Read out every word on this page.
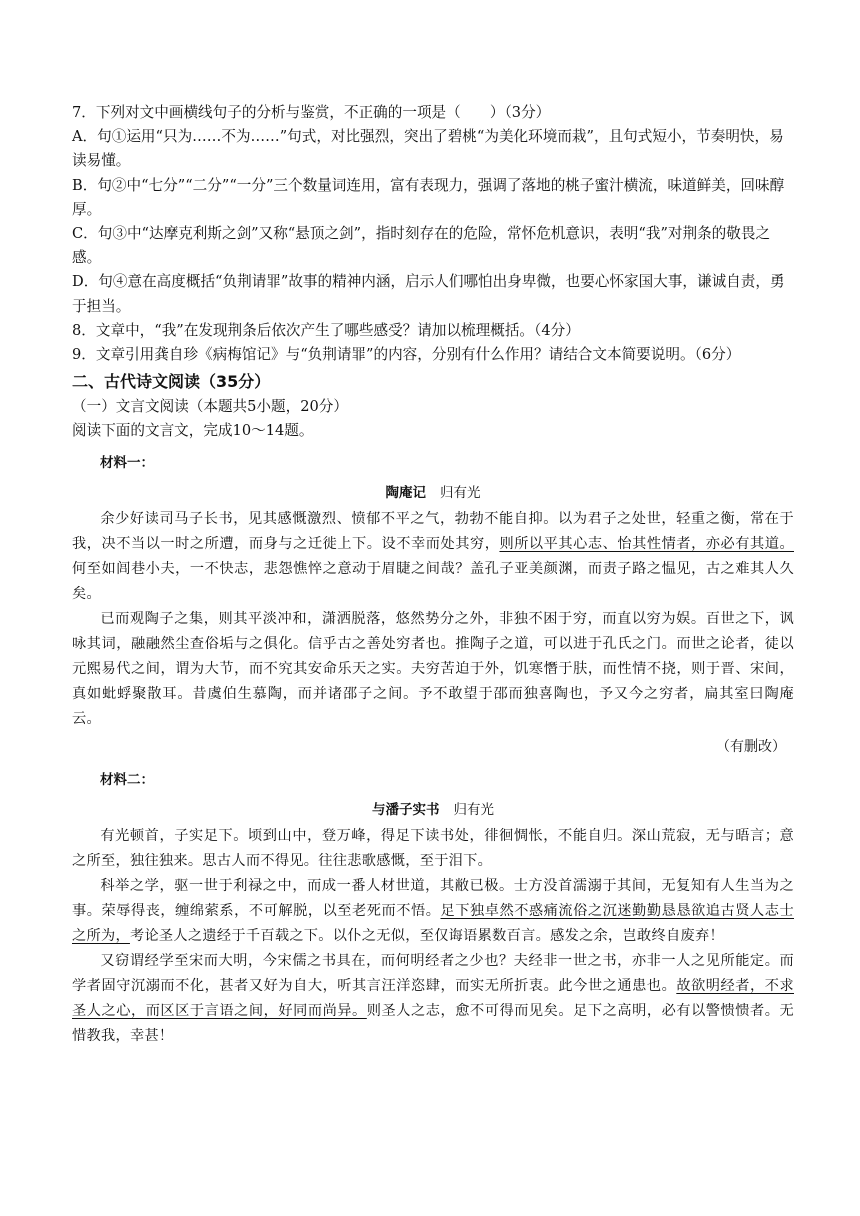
7．下列对文中画横线句子的分析与鉴赏，不正确的一项是（　　）（3分）

A．句①运用“只为……不为……”句式，对比强烈，突出了碧桃“为美化环境而栽”，且句式短小，节奏明快，易读易懂。

B．句②中“七分”“二分”“一分”三个数量词连用，富有表现力，强调了落地的桃子蜜汁横流，味道鲜美，回味醇厚。

C．句③中“达摩克利斯之剑”又称“悬顶之剑”，指时刻存在的危险，常怀危机意识，表明“我”对荆条的敬畏之感。

D．句④意在高度概括“负荆请罪”故事的精神内涵，启示人们哪怕出身卑微，也要心怀家国大事，谦诚自责，勇于担当。

8．文章中，“我”在发现荆条后依次产生了哪些感受？请加以梳理概括。（4分）

9．文章引用龚自珍《病梅馆记》与“负荆请罪”的内容，分别有什么作用？请结合文本简要说明。（6分）

二、古代诗文阅读（35分）

（一）文言文阅读（本题共5小题，20分）

阅读下面的文言文，完成10～14题。

材料一：

陶庵记 归有光

余少好读司马子长书，见其感慨激烈、愤郁不平之气，勃勃不能自抑。以为君子之处世，轻重之衡，常在于我，决不当以一时之所遭，而身与之迁徙上下。设不幸而处其穷，则所以平其心志、怡其性情者，亦必有其道。何至如闾巷小夫，一不快志，悲怨憔悴之意动于眉睫之间哉？盖孔子亚美颜渊，而责子路之愠见，古之难其人久矣。

已而观陶子之集，则其平淡冲和，潇洒脱落，悠然势分之外，非独不困于穷，而直以穷为娱。百世之下，讽咏其词，融融然尘查俗垢与之俱化。信乎古之善处穷者也。推陶子之道，可以进于孔氏之门。而世之论者，徒以元熙易代之间，谓为大节，而不究其安命乐天之实。夫穷苦迫于外，饥寒憯于肤，而性情不挠，则于晋、宋间，真如蚍蜉聚散耳。昔虞伯生慕陶，而并诸邵子之间。予不敢望于邵而独喜陶也，予又今之穷者，扁其室曰陶庵云。

（有删改）

材料二：

与潘子实书 归有光

有光顿首，子实足下。顷到山中，登万峰，得足下读书处，徘徊惆怅，不能自归。深山荒寂，无与晤言；意之所至，独往独来。思古人而不得见。往往悲歌感慨，至于泪下。

科举之学，驱一世于利禄之中，而成一番人材世道，其敝已极。士方没首濡溺于其间，无复知有人生当为之事。荣辱得丧，缠绵萦系，不可解脱，以至老死而不悟。足下独卓然不惑痛流俗之沉迷勤勤恳恳欲追古贤人志士之所为，考论圣人之遗经于千百载之下。以仆之无似，至仅诲语累数百言。感发之余，岂敢终自废弃！

又窃谓经学至宋而大明，今宋儒之书具在，而何明经者之少也？夫经非一世之书，亦非一人之见所能定。而学者固守沉溺而不化，甚者又好为自大，听其言汪洋恣肆，而实无所折衷。此今世之通患也。故欲明经者，不求圣人之心，而区区于言语之间，好同而尚异。则圣人之志，愈不可得而见矣。足下之高明，必有以警愦愦者。无惜教我，幸甚！
